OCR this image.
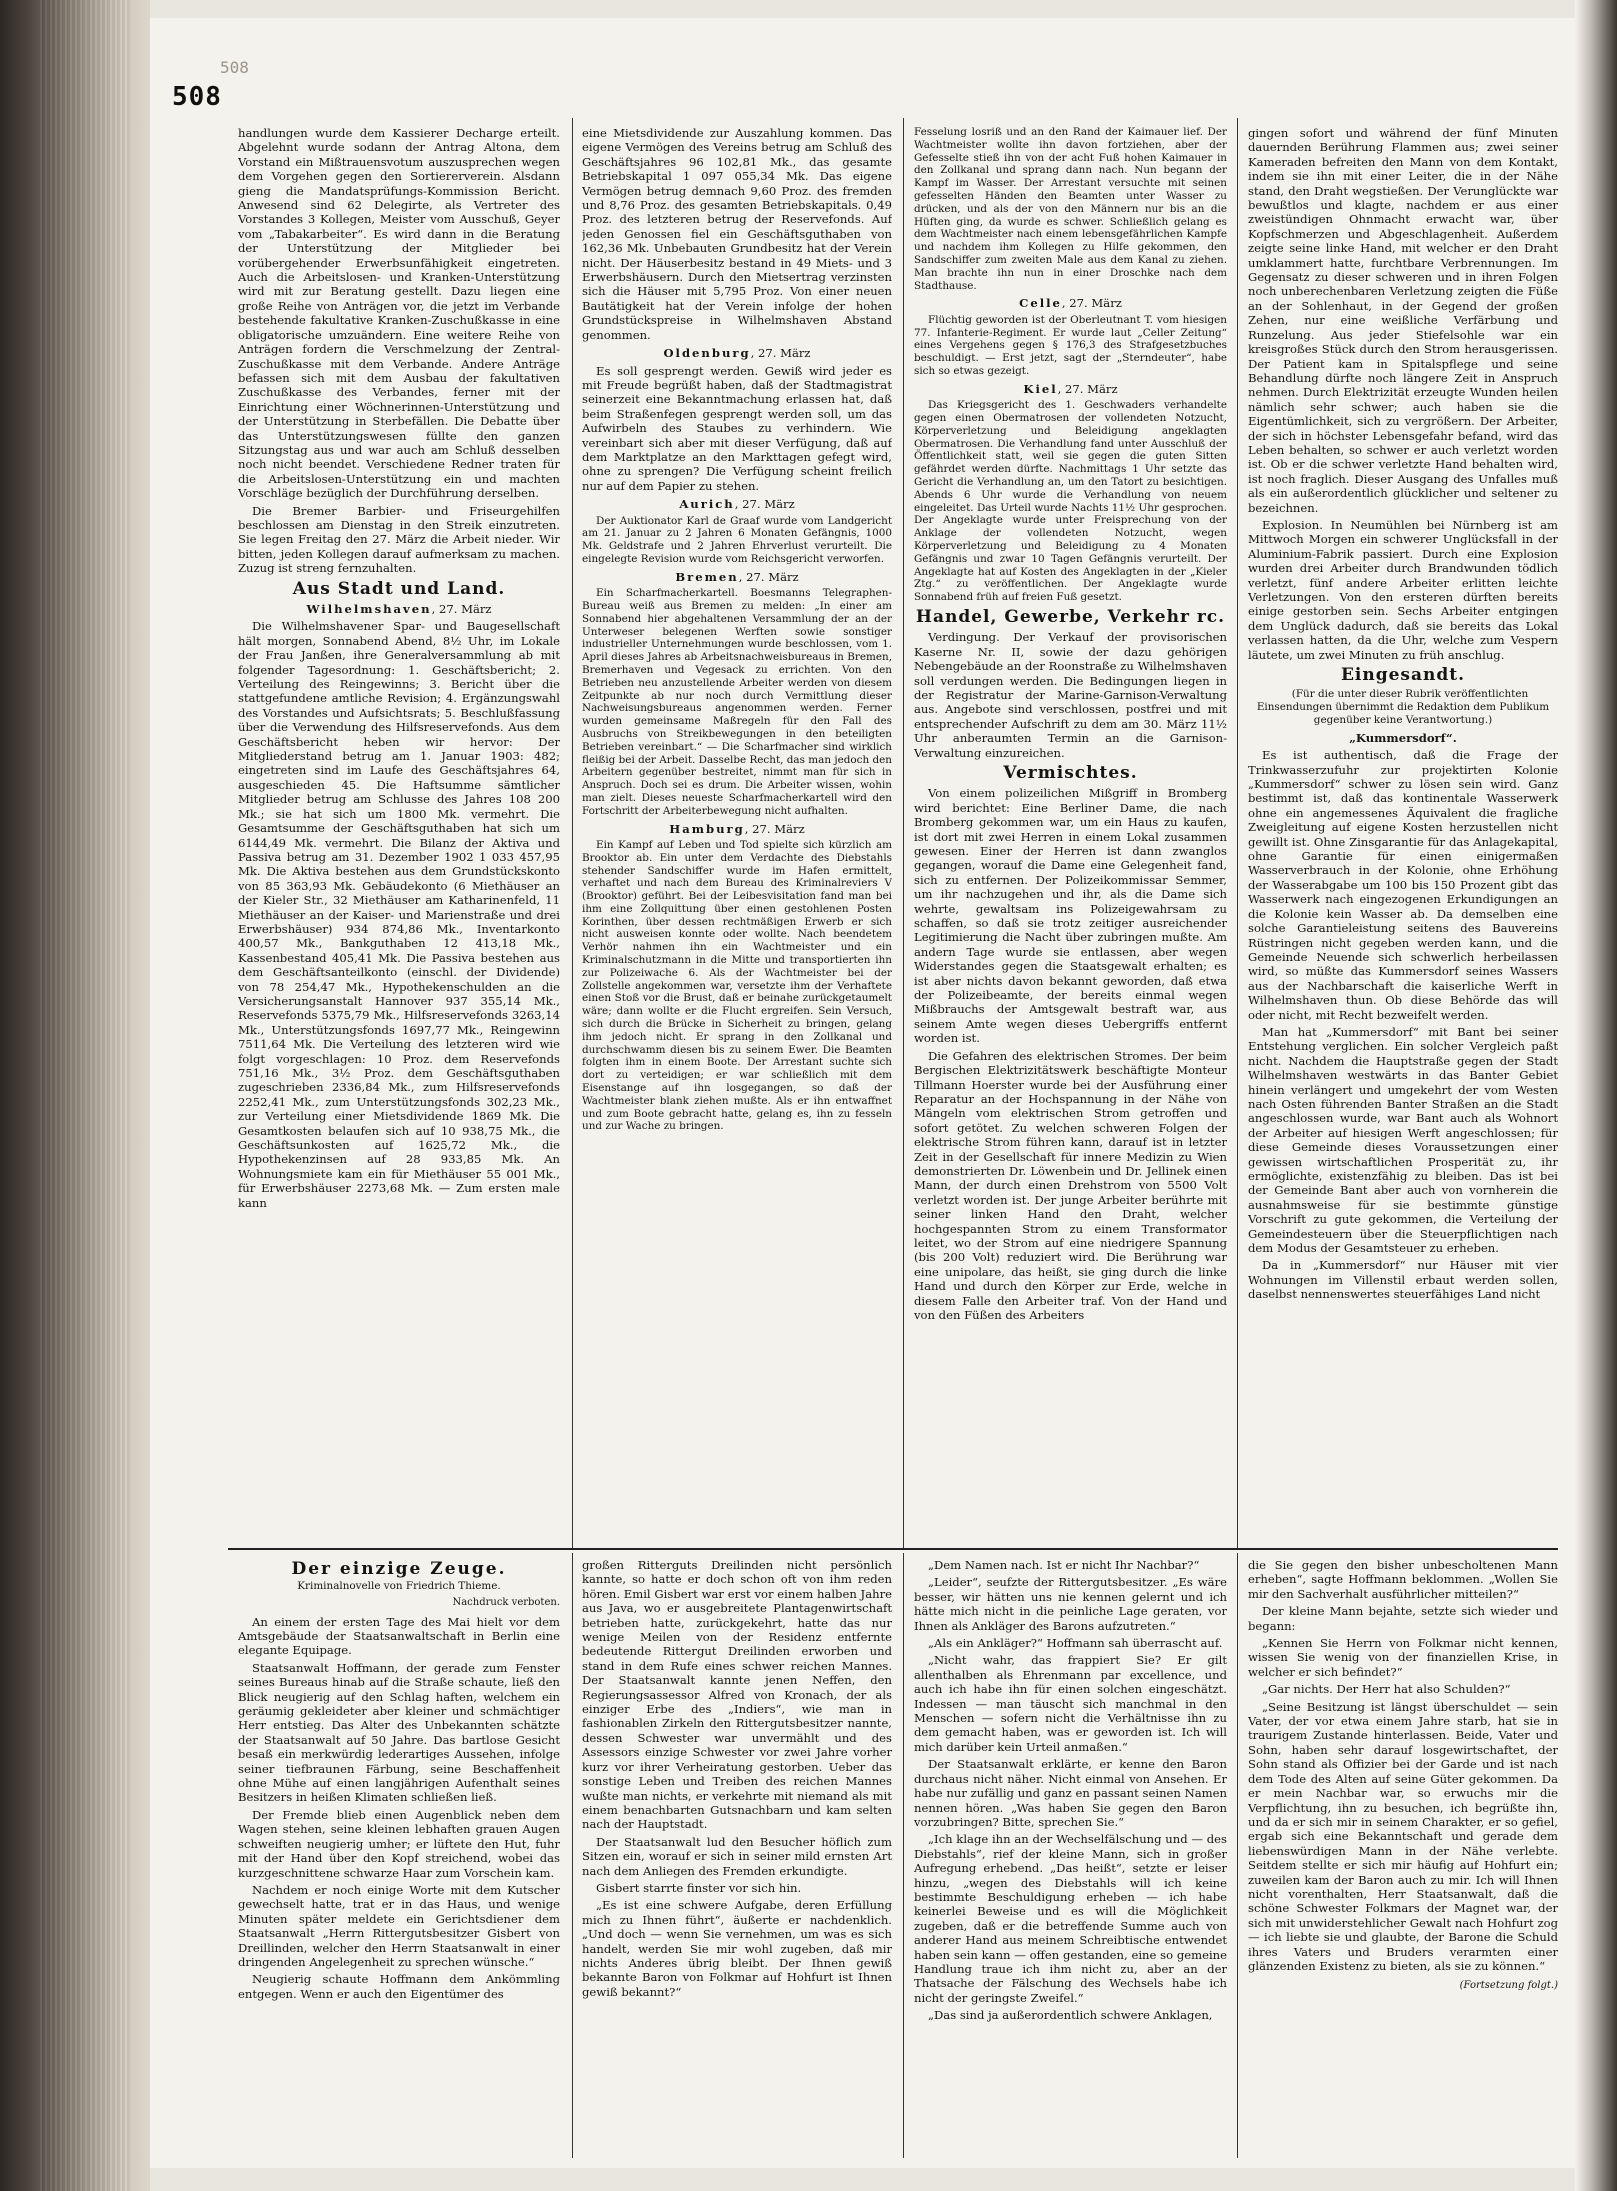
508
508

handlungen wurde dem Kassierer Decharge erteilt. Abgelehnt wurde sodann der Antrag Altona, dem Vorstand ein Mißtrauensvotum auszusprechen wegen dem Vorgehen gegen den Sortiererverein. Alsdann gieng die Mandatsprüfungs-Kommission Bericht. Anwesend sind 62 Delegirte, als Vertreter des Vorstandes 3 Kollegen, Meister vom Ausschuß, Geyer vom „Tabakarbeiter“. Es wird dann in die Beratung der Unterstützung der Mitglieder bei vorübergehender Erwerbsunfähigkeit eingetreten. Auch die Arbeitslosen- und Kranken-Unterstützung wird mit zur Beratung gestellt. Dazu liegen eine große Reihe von Anträgen vor, die jetzt im Verbande bestehende fakultative Kranken-Zuschußkasse in eine obligatorische umzuändern. Eine weitere Reihe von Anträgen fordern die Verschmelzung der Zentral-Zuschußkasse mit dem Verbande. Andere Anträge befassen sich mit dem Ausbau der fakultativen Zuschußkasse des Verbandes, ferner mit der Einrichtung einer Wöchnerinnen-Unterstützung und der Unterstützung in Sterbefällen. Die Debatte über das Unterstützungswesen füllte den ganzen Sitzungstag aus und war auch am Schluß desselben noch nicht beendet. Verschiedene Redner traten für die Arbeitslosen-Unterstützung ein und machten Vorschläge bezüglich der Durchführung derselben.

Die Bremer Barbier- und Friseurgehilfen beschlossen am Dienstag in den Streik einzutreten. Sie legen Freitag den 27. März die Arbeit nieder. Wir bitten, jeden Kollegen darauf aufmerksam zu machen. Zuzug ist streng fernzuhalten.

Aus Stadt und Land.
Wilhelmshaven, 27. März

Die Wilhelmshavener Spar- und Baugesellschaft hält morgen, Sonnabend Abend, 8½ Uhr, im Lokale der Frau Janßen, ihre Generalversammlung ab mit folgender Tagesordnung: 1. Geschäftsbericht; 2. Verteilung des Reingewinns; 3. Bericht über die stattgefundene amtliche Revision; 4. Ergänzungswahl des Vorstandes und Aufsichtsrats; 5. Beschlußfassung über die Verwendung des Hilfsreservefonds. Aus dem Geschäftsbericht heben wir hervor: Der Mitgliederstand betrug am 1. Januar 1903: 482; eingetreten sind im Laufe des Geschäftsjahres 64, ausgeschieden 45. Die Haftsumme sämtlicher Mitglieder betrug am Schlusse des Jahres 108 200 Mk.; sie hat sich um 1800 Mk. vermehrt. Die Gesamtsumme der Geschäftsguthaben hat sich um 6144,49 Mk. vermehrt. Die Bilanz der Aktiva und Passiva betrug am 31. Dezember 1902 1 033 457,95 Mk. Die Aktiva bestehen aus dem Grundstückskonto von 85 363,93 Mk. Gebäudekonto (6 Miethäuser an der Kieler Str., 32 Miethäuser am Katharinenfeld, 11 Miethäuser an der Kaiser- und Marienstraße und drei Erwerbshäuser) 934 874,86 Mk., Inventarkonto 400,57 Mk., Bankguthaben 12 413,18 Mk., Kassenbestand 405,41 Mk. Die Passiva bestehen aus dem Geschäftsanteilkonto (einschl. der Dividende) von 78 254,47 Mk., Hypothekenschulden an die Versicherungsanstalt Hannover 937 355,14 Mk., Reservefonds 5375,79 Mk., Hilfsreservefonds 3263,14 Mk., Unterstützungsfonds 1697,77 Mk., Reingewinn 7511,64 Mk. Die Verteilung des letzteren wird wie folgt vorgeschlagen: 10 Proz. dem Reservefonds 751,16 Mk., 3½ Proz. dem Geschäftsguthaben zugeschrieben 2336,84 Mk., zum Hilfsreservefonds 2252,41 Mk., zum Unterstützungsfonds 302,23 Mk., zur Verteilung einer Mietsdividende 1869 Mk. Die Gesamtkosten belaufen sich auf 10 938,75 Mk., die Geschäftsunkosten auf 1625,72 Mk., die Hypothekenzinsen auf 28 933,85 Mk. An Wohnungsmiete kam ein für Miethäuser 55 001 Mk., für Erwerbshäuser 2273,68 Mk. — Zum ersten male kann

eine Mietsdividende zur Auszahlung kommen. Das eigene Vermögen des Vereins betrug am Schluß des Geschäftsjahres 96 102,81 Mk., das gesamte Betriebskapital 1 097 055,34 Mk. Das eigene Vermögen betrug demnach 9,60 Proz. des fremden und 8,76 Proz. des gesamten Betriebskapitals. 0,49 Proz. des letzteren betrug der Reservefonds. Auf jeden Genossen fiel ein Geschäftsguthaben von 162,36 Mk. Unbebauten Grundbesitz hat der Verein nicht. Der Häuserbesitz bestand in 49 Miets- und 3 Erwerbshäusern. Durch den Mietsertrag verzinsten sich die Häuser mit 5,795 Proz. Von einer neuen Bautätigkeit hat der Verein infolge der hohen Grundstückspreise in Wilhelmshaven Abstand genommen.

Oldenburg, 27. März

Es soll gesprengt werden. Gewiß wird jeder es mit Freude begrüßt haben, daß der Stadtmagistrat seinerzeit eine Bekanntmachung erlassen hat, daß beim Straßenfegen gesprengt werden soll, um das Aufwirbeln des Staubes zu verhindern. Wie vereinbart sich aber mit dieser Verfügung, daß auf dem Marktplatze an den Markttagen gefegt wird, ohne zu sprengen? Die Verfügung scheint freilich nur auf dem Papier zu stehen.

Aurich, 27. März

Der Auktionator Karl de Graaf wurde vom Landgericht am 21. Januar zu 2 Jahren 6 Monaten Gefängnis, 1000 Mk. Geldstrafe und 2 Jahren Ehrverlust verurteilt. Die eingelegte Revision wurde vom Reichsgericht verworfen.

Bremen, 27. März

Ein Scharfmacherkartell. Boesmanns Telegraphen-Bureau weiß aus Bremen zu melden: „In einer am Sonnabend hier abgehaltenen Versammlung der an der Unterweser belegenen Werften sowie sonstiger industrieller Unternehmungen wurde beschlossen, vom 1. April dieses Jahres ab Arbeitsnachweisbureaus in Bremen, Bremerhaven und Vegesack zu errichten. Von den Betrieben neu anzustellende Arbeiter werden von diesem Zeitpunkte ab nur noch durch Vermittlung dieser Nachweisungsbureaus angenommen werden. Ferner wurden gemeinsame Maßregeln für den Fall des Ausbruchs von Streikbewegungen in den beteiligten Betrieben vereinbart.“ — Die Scharfmacher sind wirklich fleißig bei der Arbeit. Dasselbe Recht, das man jedoch den Arbeitern gegenüber bestreitet, nimmt man für sich in Anspruch. Doch sei es drum. Die Arbeiter wissen, wohin man zielt. Dieses neueste Scharfmacherkartell wird den Fortschritt der Arbeiterbewegung nicht aufhalten.

Hamburg, 27. März

Ein Kampf auf Leben und Tod spielte sich kürzlich am Brooktor ab. Ein unter dem Verdachte des Diebstahls stehender Sandschiffer wurde im Hafen ermittelt, verhaftet und nach dem Bureau des Kriminalreviers V (Brooktor) geführt. Bei der Leibesvisitation fand man bei ihm eine Zollquittung über einen gestohlenen Posten Korinthen, über dessen rechtmäßigen Erwerb er sich nicht ausweisen konnte oder wollte. Nach beendetem Verhör nahmen ihn ein Wachtmeister und ein Kriminalschutzmann in die Mitte und transportierten ihn zur Polizeiwache 6. Als der Wachtmeister bei der Zollstelle angekommen war, versetzte ihm der Verhaftete einen Stoß vor die Brust, daß er beinahe zurückgetaumelt wäre; dann wollte er die Flucht ergreifen. Sein Versuch, sich durch die Brücke in Sicherheit zu bringen, gelang ihm jedoch nicht. Er sprang in den Zollkanal und durchschwamm diesen bis zu seinem Ewer. Die Beamten folgten ihm in einem Boote. Der Arrestant suchte sich dort zu verteidigen; er war schließlich mit dem Eisenstange auf ihn losgegangen, so daß der Wachtmeister blank ziehen mußte. Als er ihn entwaffnet und zum Boote gebracht hatte, gelang es, ihn zu fesseln und zur Wache zu bringen.

Fesselung losriß und an den Rand der Kaimauer lief. Der Wachtmeister wollte ihn davon fortziehen, aber der Gefesselte stieß ihn von der acht Fuß hohen Kaimauer in den Zollkanal und sprang dann nach. Nun begann der Kampf im Wasser. Der Arrestant versuchte mit seinen gefesselten Händen den Beamten unter Wasser zu drücken, und als der von den Männern nur bis an die Hüften ging, da wurde es schwer. Schließlich gelang es dem Wachtmeister nach einem lebensgefährlichen Kampfe und nachdem ihm Kollegen zu Hilfe gekommen, den Sandschiffer zum zweiten Male aus dem Kanal zu ziehen. Man brachte ihn nun in einer Droschke nach dem Stadthause.

Celle, 27. März

Flüchtig geworden ist der Oberleutnant T. vom hiesigen 77. Infanterie-Regiment. Er wurde laut „Celler Zeitung“ eines Vergehens gegen § 176,3 des Strafgesetzbuches beschuldigt. — Erst jetzt, sagt der „Sterndeuter“, habe sich so etwas gezeigt.

Kiel, 27. März

Das Kriegsgericht des 1. Geschwaders verhandelte gegen einen Obermatrosen der vollendeten Notzucht, Körperverletzung und Beleidigung angeklagten Obermatrosen. Die Verhandlung fand unter Ausschluß der Öffentlichkeit statt, weil sie gegen die guten Sitten gefährdet werden dürfte. Nachmittags 1 Uhr setzte das Gericht die Verhandlung an, um den Tatort zu besichtigen. Abends 6 Uhr wurde die Verhandlung von neuem eingeleitet. Das Urteil wurde Nachts 11½ Uhr gesprochen. Der Angeklagte wurde unter Freisprechung von der Anklage der vollendeten Notzucht, wegen Körperverletzung und Beleidigung zu 4 Monaten Gefängnis und zwar 10 Tagen Gefängnis verurteilt. Der Angeklagte hat auf Kosten des Angeklagten in der „Kieler Ztg.“ zu veröffentlichen. Der Angeklagte wurde Sonnabend früh auf freien Fuß gesetzt.

Handel, Gewerbe, Verkehr rc.

Verdingung. Der Verkauf der provisorischen Kaserne Nr. II, sowie der dazu gehörigen Nebengebäude an der Roonstraße zu Wilhelmshaven soll verdungen werden. Die Bedingungen liegen in der Registratur der Marine-Garnison-Verwaltung aus. Angebote sind verschlossen, postfrei und mit entsprechender Aufschrift zu dem am 30. März 11½ Uhr anberaumten Termin an die Garnison-Verwaltung einzureichen.

Vermischtes.

Von einem polizeilichen Mißgriff in Bromberg wird berichtet: Eine Berliner Dame, die nach Bromberg gekommen war, um ein Haus zu kaufen, ist dort mit zwei Herren in einem Lokal zusammen gewesen. Einer der Herren ist dann zwanglos gegangen, worauf die Dame eine Gelegenheit fand, sich zu entfernen. Der Polizeikommissar Semmer, um ihr nachzugehen und ihr, als die Dame sich wehrte, gewaltsam ins Polizeigewahrsam zu schaffen, so daß sie trotz zeitiger ausreichender Legitimierung die Nacht über zubringen mußte. Am andern Tage wurde sie entlassen, aber wegen Widerstandes gegen die Staatsgewalt erhalten; es ist aber nichts davon bekannt geworden, daß etwa der Polizeibeamte, der bereits einmal wegen Mißbrauchs der Amtsgewalt bestraft war, aus seinem Amte wegen dieses Uebergriffs entfernt worden ist.

Die Gefahren des elektrischen Stromes. Der beim Bergischen Elektrizitätswerk beschäftigte Monteur Tillmann Hoerster wurde bei der Ausführung einer Reparatur an der Hochspannung in der Nähe von Mängeln vom elektrischen Strom getroffen und sofort getötet. Zu welchen schweren Folgen der elektrische Strom führen kann, darauf ist in letzter Zeit in der Gesellschaft für innere Medizin zu Wien demonstrierten Dr. Löwenbein und Dr. Jellinek einen Mann, der durch einen Drehstrom von 5500 Volt verletzt worden ist. Der junge Arbeiter berührte mit seiner linken Hand den Draht, welcher hochgespannten Strom zu einem Transformator leitet, wo der Strom auf eine niedrigere Spannung (bis 200 Volt) reduziert wird. Die Berührung war eine unipolare, das heißt, sie ging durch die linke Hand und durch den Körper zur Erde, welche in diesem Falle den Arbeiter traf. Von der Hand und von den Füßen des Arbeiters

gingen sofort und während der fünf Minuten dauernden Berührung Flammen aus; zwei seiner Kameraden befreiten den Mann von dem Kontakt, indem sie ihn mit einer Leiter, die in der Nähe stand, den Draht wegstießen. Der Verunglückte war bewußtlos und klagte, nachdem er aus einer zweistündigen Ohnmacht erwacht war, über Kopfschmerzen und Abgeschlagenheit. Außerdem zeigte seine linke Hand, mit welcher er den Draht umklammert hatte, furchtbare Verbrennungen. Im Gegensatz zu dieser schweren und in ihren Folgen noch unberechenbaren Verletzung zeigten die Füße an der Sohlenhaut, in der Gegend der großen Zehen, nur eine weißliche Verfärbung und Runzelung. Aus jeder Stiefelsohle war ein kreisgroßes Stück durch den Strom herausgerissen. Der Patient kam in Spitalspflege und seine Behandlung dürfte noch längere Zeit in Anspruch nehmen. Durch Elektrizität erzeugte Wunden heilen nämlich sehr schwer; auch haben sie die Eigentümlichkeit, sich zu vergrößern. Der Arbeiter, der sich in höchster Lebensgefahr befand, wird das Leben behalten, so schwer er auch verletzt worden ist. Ob er die schwer verletzte Hand behalten wird, ist noch fraglich. Dieser Ausgang des Unfalles muß als ein außerordentlich glücklicher und seltener zu bezeichnen.

Explosion. In Neumühlen bei Nürnberg ist am Mittwoch Morgen ein schwerer Unglücksfall in der Aluminium-Fabrik passiert. Durch eine Explosion wurden drei Arbeiter durch Brandwunden tödlich verletzt, fünf andere Arbeiter erlitten leichte Verletzungen. Von den ersteren dürften bereits einige gestorben sein. Sechs Arbeiter entgingen dem Unglück dadurch, daß sie bereits das Lokal verlassen hatten, da die Uhr, welche zum Vespern läutete, um zwei Minuten zu früh anschlug.

Eingesandt.

(Für die unter dieser Rubrik veröffentlichten Einsendungen übernimmt die Redaktion dem Publikum gegenüber keine Verantwortung.)

„Kummersdorf“.

Es ist authentisch, daß die Frage der Trinkwasserzufuhr zur projektirten Kolonie „Kummersdorf“ schwer zu lösen sein wird. Ganz bestimmt ist, daß das kontinentale Wasserwerk ohne ein angemessenes Äquivalent die fragliche Zweigleitung auf eigene Kosten herzustellen nicht gewillt ist. Ohne Zinsgarantie für das Anlagekapital, ohne Garantie für einen einigermaßen Wasserverbrauch in der Kolonie, ohne Erhöhung der Wasserabgabe um 100 bis 150 Prozent gibt das Wasserwerk nach eingezogenen Erkundigungen an die Kolonie kein Wasser ab. Da demselben eine solche Garantieleistung seitens des Bauvereins Rüstringen nicht gegeben werden kann, und die Gemeinde Neuende sich schwerlich herbeilassen wird, so müßte das Kummersdorf seines Wassers aus der Nachbarschaft die kaiserliche Werft in Wilhelmshaven thun. Ob diese Behörde das will oder nicht, mit Recht bezweifelt werden.

Man hat „Kummersdorf“ mit Bant bei seiner Entstehung verglichen. Ein solcher Vergleich paßt nicht. Nachdem die Hauptstraße gegen der Stadt Wilhelmshaven westwärts in das Banter Gebiet hinein verlängert und umgekehrt der vom Westen nach Osten führenden Banter Straßen an die Stadt angeschlossen wurde, war Bant auch als Wohnort der Arbeiter auf hiesigen Werft angeschlossen; für diese Gemeinde dieses Voraussetzungen einer gewissen wirtschaftlichen Prosperität zu, ihr ermöglichte, existenzfähig zu bleiben. Das ist bei der Gemeinde Bant aber auch von vornherein die ausnahmsweise für sie bestimmte günstige Vorschrift zu gute gekommen, die Verteilung der Gemeindesteuern über die Steuerpflichtigen nach dem Modus der Gesamtsteuer zu erheben.

Da in „Kummersdorf“ nur Häuser mit vier Wohnungen im Villenstil erbaut werden sollen, daselbst nennenswertes steuerfähiges Land nicht

Der einzige Zeuge.
Kriminalnovelle von Friedrich Thieme.
Nachdruck verboten.

An einem der ersten Tage des Mai hielt vor dem Amtsgebäude der Staatsanwaltschaft in Berlin eine elegante Equipage.

Staatsanwalt Hoffmann, der gerade zum Fenster seines Bureaus hinab auf die Straße schaute, ließ den Blick neugierig auf den Schlag haften, welchem ein geräumig gekleideter aber kleiner und schmächtiger Herr entstieg. Das Alter des Unbekannten schätzte der Staatsanwalt auf 50 Jahre. Das bartlose Gesicht besaß ein merkwürdig lederartiges Aussehen, infolge seiner tiefbraunen Färbung, seine Beschaffenheit ohne Mühe auf einen langjährigen Aufenthalt seines Besitzers in heißen Klimaten schließen ließ.

Der Fremde blieb einen Augenblick neben dem Wagen stehen, seine kleinen lebhaften grauen Augen schweiften neugierig umher; er lüftete den Hut, fuhr mit der Hand über den Kopf streichend, wobei das kurzgeschnittene schwarze Haar zum Vorschein kam.

Nachdem er noch einige Worte mit dem Kutscher gewechselt hatte, trat er in das Haus, und wenige Minuten später meldete ein Gerichtsdiener dem Staatsanwalt „Herrn Rittergutsbesitzer Gisbert von Dreillinden, welcher den Herrn Staatsanwalt in einer dringenden Angelegenheit zu sprechen wünsche.“

Neugierig schaute Hoffmann dem Ankömmling entgegen. Wenn er auch den Eigentümer des

großen Ritterguts Dreilinden nicht persönlich kannte, so hatte er doch schon oft von ihm reden hören. Emil Gisbert war erst vor einem halben Jahre aus Java, wo er ausgebreitete Plantagenwirtschaft betrieben hatte, zurückgekehrt, hatte das nur wenige Meilen von der Residenz entfernte bedeutende Rittergut Dreilinden erworben und stand in dem Rufe eines schwer reichen Mannes. Der Staatsanwalt kannte jenen Neffen, den Regierungsassessor Alfred von Kronach, der als einziger Erbe des „Indiers“, wie man in fashionablen Zirkeln den Rittergutsbesitzer nannte, dessen Schwester war unvermählt und des Assessors einzige Schwester vor zwei Jahre vorher kurz vor ihrer Verheiratung gestorben. Ueber das sonstige Leben und Treiben des reichen Mannes wußte man nichts, er verkehrte mit niemand als mit einem benachbarten Gutsnachbarn und kam selten nach der Hauptstadt.

Der Staatsanwalt lud den Besucher höflich zum Sitzen ein, worauf er sich in seiner mild ernsten Art nach dem Anliegen des Fremden erkundigte.

Gisbert starrte finster vor sich hin.

„Es ist eine schwere Aufgabe, deren Erfüllung mich zu Ihnen führt“, äußerte er nachdenklich. „Und doch — wenn Sie vernehmen, um was es sich handelt, werden Sie mir wohl zugeben, daß mir nichts Anderes übrig bleibt. Der Ihnen gewiß bekannte Baron von Folkmar auf Hohfurt ist Ihnen gewiß bekannt?“

„Dem Namen nach. Ist er nicht Ihr Nachbar?“

„Leider“, seufzte der Rittergutsbesitzer. „Es wäre besser, wir hätten uns nie kennen gelernt und ich hätte mich nicht in die peinliche Lage geraten, vor Ihnen als Ankläger des Barons aufzutreten.“

„Als ein Ankläger?“ Hoffmann sah überrascht auf.

„Nicht wahr, das frappiert Sie? Er gilt allenthalben als Ehrenmann par excellence, und auch ich habe ihn für einen solchen eingeschätzt. Indessen — man täuscht sich manchmal in den Menschen — sofern nicht die Verhältnisse ihn zu dem gemacht haben, was er geworden ist. Ich will mich darüber kein Urteil anmaßen.“

Der Staatsanwalt erklärte, er kenne den Baron durchaus nicht näher. Nicht einmal von Ansehen. Er habe nur zufällig und ganz en passant seinen Namen nennen hören. „Was haben Sie gegen den Baron vorzubringen? Bitte, sprechen Sie.“

„Ich klage ihn an der Wechselfälschung und — des Diebstahls“, rief der kleine Mann, sich in großer Aufregung erhebend. „Das heißt“, setzte er leiser hinzu, „wegen des Diebstahls will ich keine bestimmte Beschuldigung erheben — ich habe keinerlei Beweise und es will die Möglichkeit zugeben, daß er die betreffende Summe auch von anderer Hand aus meinem Schreibtische entwendet haben sein kann — offen gestanden, eine so gemeine Handlung traue ich ihm nicht zu, aber an der Thatsache der Fälschung des Wechsels habe ich nicht der geringste Zweifel.“

„Das sind ja außerordentlich schwere Anklagen,

die Sie gegen den bisher unbescholtenen Mann erheben“, sagte Hoffmann beklommen. „Wollen Sie mir den Sachverhalt ausführlicher mitteilen?“

Der kleine Mann bejahte, setzte sich wieder und begann:

„Kennen Sie Herrn von Folkmar nicht kennen, wissen Sie wenig von der finanziellen Krise, in welcher er sich befindet?“

„Gar nichts. Der Herr hat also Schulden?“

„Seine Besitzung ist längst überschuldet — sein Vater, der vor etwa einem Jahre starb, hat sie in traurigem Zustande hinterlassen. Beide, Vater und Sohn, haben sehr darauf losgewirtschaftet, der Sohn stand als Offizier bei der Garde und ist nach dem Tode des Alten auf seine Güter gekommen. Da er mein Nachbar war, so erwuchs mir die Verpflichtung, ihn zu besuchen, ich begrüßte ihn, und da er sich mir in seinem Charakter, er so gefiel, ergab sich eine Bekanntschaft und gerade dem liebenswürdigen Mann in der Nähe verlebte. Seitdem stellte er sich mir häufig auf Hohfurt ein; zuweilen kam der Baron auch zu mir. Ich will Ihnen nicht vorenthalten, Herr Staatsanwalt, daß die schöne Schwester Folkmars der Magnet war, der sich mit unwiderstehlicher Gewalt nach Hohfurt zog — ich liebte sie und glaubte, der Barone die Schuld ihres Vaters und Bruders verarmten einer glänzenden Existenz zu bieten, als sie zu können.“

(Fortsetzung folgt.)
